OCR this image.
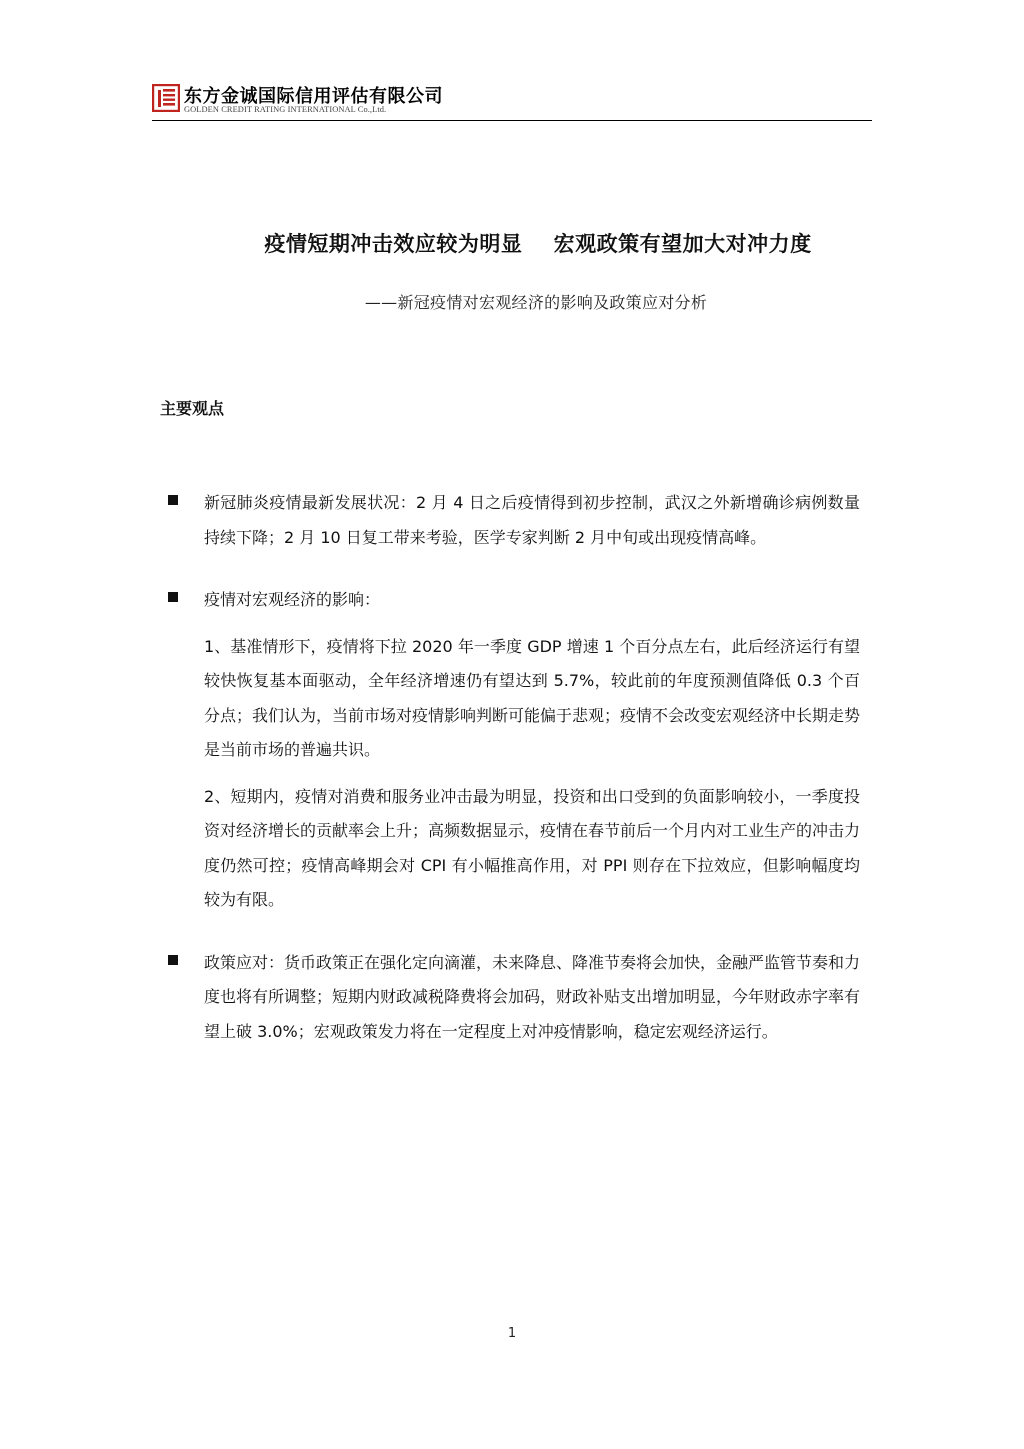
东方金诚国际信用评估有限公司
GOLDEN CREDIT RATING INTERNATIONAL Co.,Ltd.
疫情短期冲击效应较为明显    宏观政策有望加大对冲力度
——新冠疫情对宏观经济的影响及政策应对分析
主要观点

新冠肺炎疫情最新发展状况：2 月 4 日之后疫情得到初步控制，武汉之外新增确诊病例数量持续下降；2 月 10 日复工带来考验，医学专家判断 2 月中旬或出现疫情高峰。

疫情对宏观经济的影响：

1、基准情形下，疫情将下拉 2020 年一季度 GDP 增速 1 个百分点左右，此后经济运行有望较快恢复基本面驱动，全年经济增速仍有望达到 5.7%，较此前的年度预测值降低 0.3 个百分点；我们认为，当前市场对疫情影响判断可能偏于悲观；疫情不会改变宏观经济中长期走势是当前市场的普遍共识。

2、短期内，疫情对消费和服务业冲击最为明显，投资和出口受到的负面影响较小，一季度投资对经济增长的贡献率会上升；高频数据显示，疫情在春节前后一个月内对工业生产的冲击力度仍然可控；疫情高峰期会对 CPI 有小幅推高作用，对 PPI 则存在下拉效应，但影响幅度均较为有限。

政策应对：货币政策正在强化定向滴灌，未来降息、降准节奏将会加快，金融严监管节奏和力度也将有所调整；短期内财政减税降费将会加码，财政补贴支出增加明显，今年财政赤字率有望上破 3.0%；宏观政策发力将在一定程度上对冲疫情影响，稳定宏观经济运行。

1
